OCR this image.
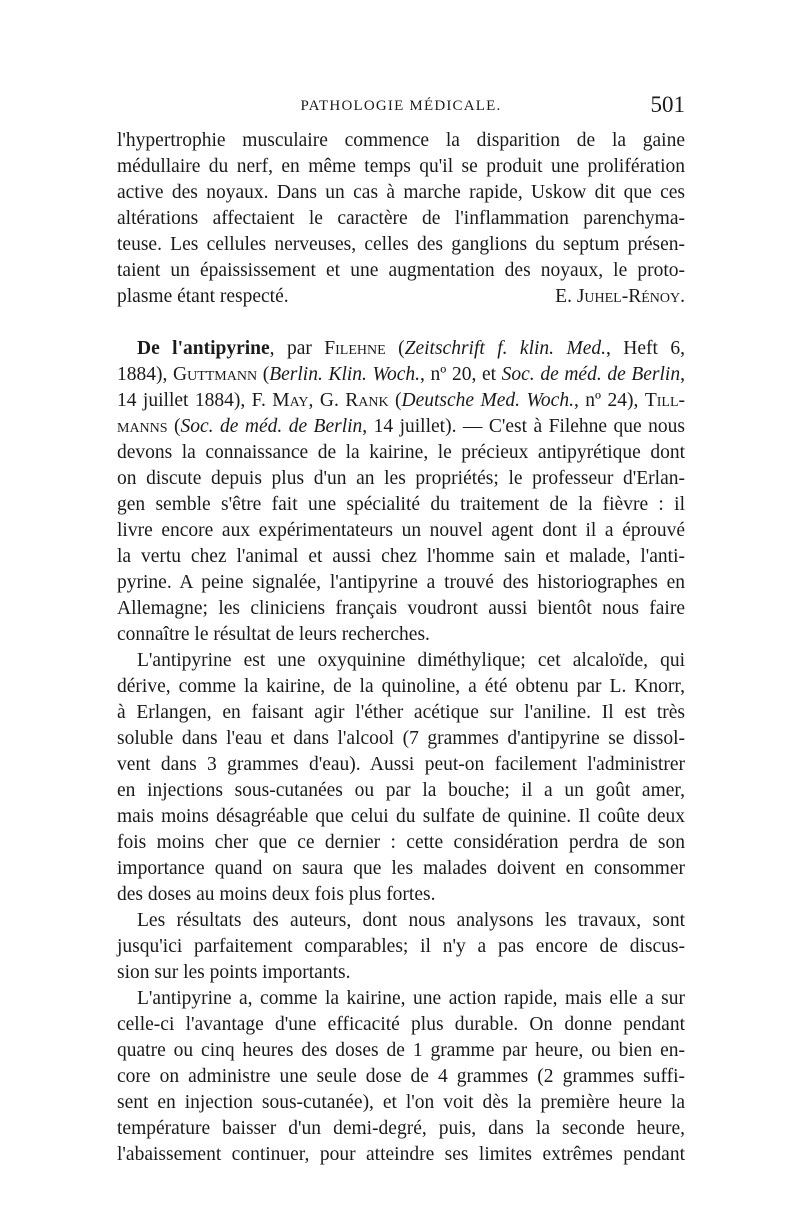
PATHOLOGIE MÉDICALE.	501
l'hypertrophie musculaire commence la disparition de la gaine
médullaire du nerf, en même temps qu'il se produit une prolifération
active des noyaux. Dans un cas à marche rapide, Uskow dit que ces
altérations affectaient le caractère de l'inflammation parenchyma-
teuse. Les cellules nerveuses, celles des ganglions du septum présen-
taient un épaississement et une augmentation des noyaux, le proto-
plasme étant respecté.	E. Juhel-Rénoy.
De l'antipyrine, par Filehne (Zeitschrift f. klin. Med., Heft 6,
1884), Guttmann (Berlin. Klin. Woch., nº 20, et Soc. de méd. de Berlin,
14 juillet 1884), F. May, G. Rank (Deutsche Med. Woch., nº 24), Till-
manns (Soc. de méd. de Berlin, 14 juillet). — C'est à Filehne que nous
devons la connaissance de la kairine, le précieux antipyrétique dont
on discute depuis plus d'un an les propriétés; le professeur d'Erlan-
gen semble s'être fait une spécialité du traitement de la fièvre : il
livre encore aux expérimentateurs un nouvel agent dont il a éprouvé
la vertu chez l'animal et aussi chez l'homme sain et malade, l'anti-
pyrine. A peine signalée, l'antipyrine a trouvé des historiographes en
Allemagne; les cliniciens français voudront aussi bientôt nous faire
connaître le résultat de leurs recherches.
L'antipyrine est une oxyquinine diméthylique; cet alcaloïde, qui
dérive, comme la kairine, de la quinoline, a été obtenu par L. Knorr,
à Erlangen, en faisant agir l'éther acétique sur l'aniline. Il est très
soluble dans l'eau et dans l'alcool (7 grammes d'antipyrine se dissol-
vent dans 3 grammes d'eau). Aussi peut-on facilement l'administrer
en injections sous-cutanées ou par la bouche; il a un goût amer,
mais moins désagréable que celui du sulfate de quinine. Il coûte deux
fois moins cher que ce dernier : cette considération perdra de son
importance quand on saura que les malades doivent en consommer
des doses au moins deux fois plus fortes.
Les résultats des auteurs, dont nous analysons les travaux, sont
jusqu'ici parfaitement comparables; il n'y a pas encore de discus-
sion sur les points importants.
L'antipyrine a, comme la kairine, une action rapide, mais elle a sur
celle-ci l'avantage d'une efficacité plus durable. On donne pendant
quatre ou cinq heures des doses de 1 gramme par heure, ou bien en-
core on administre une seule dose de 4 grammes (2 grammes suffi-
sent en injection sous-cutanée), et l'on voit dès la première heure la
température baisser d'un demi-degré, puis, dans la seconde heure,
l'abaissement continuer, pour atteindre ses limites extrêmes pendant
